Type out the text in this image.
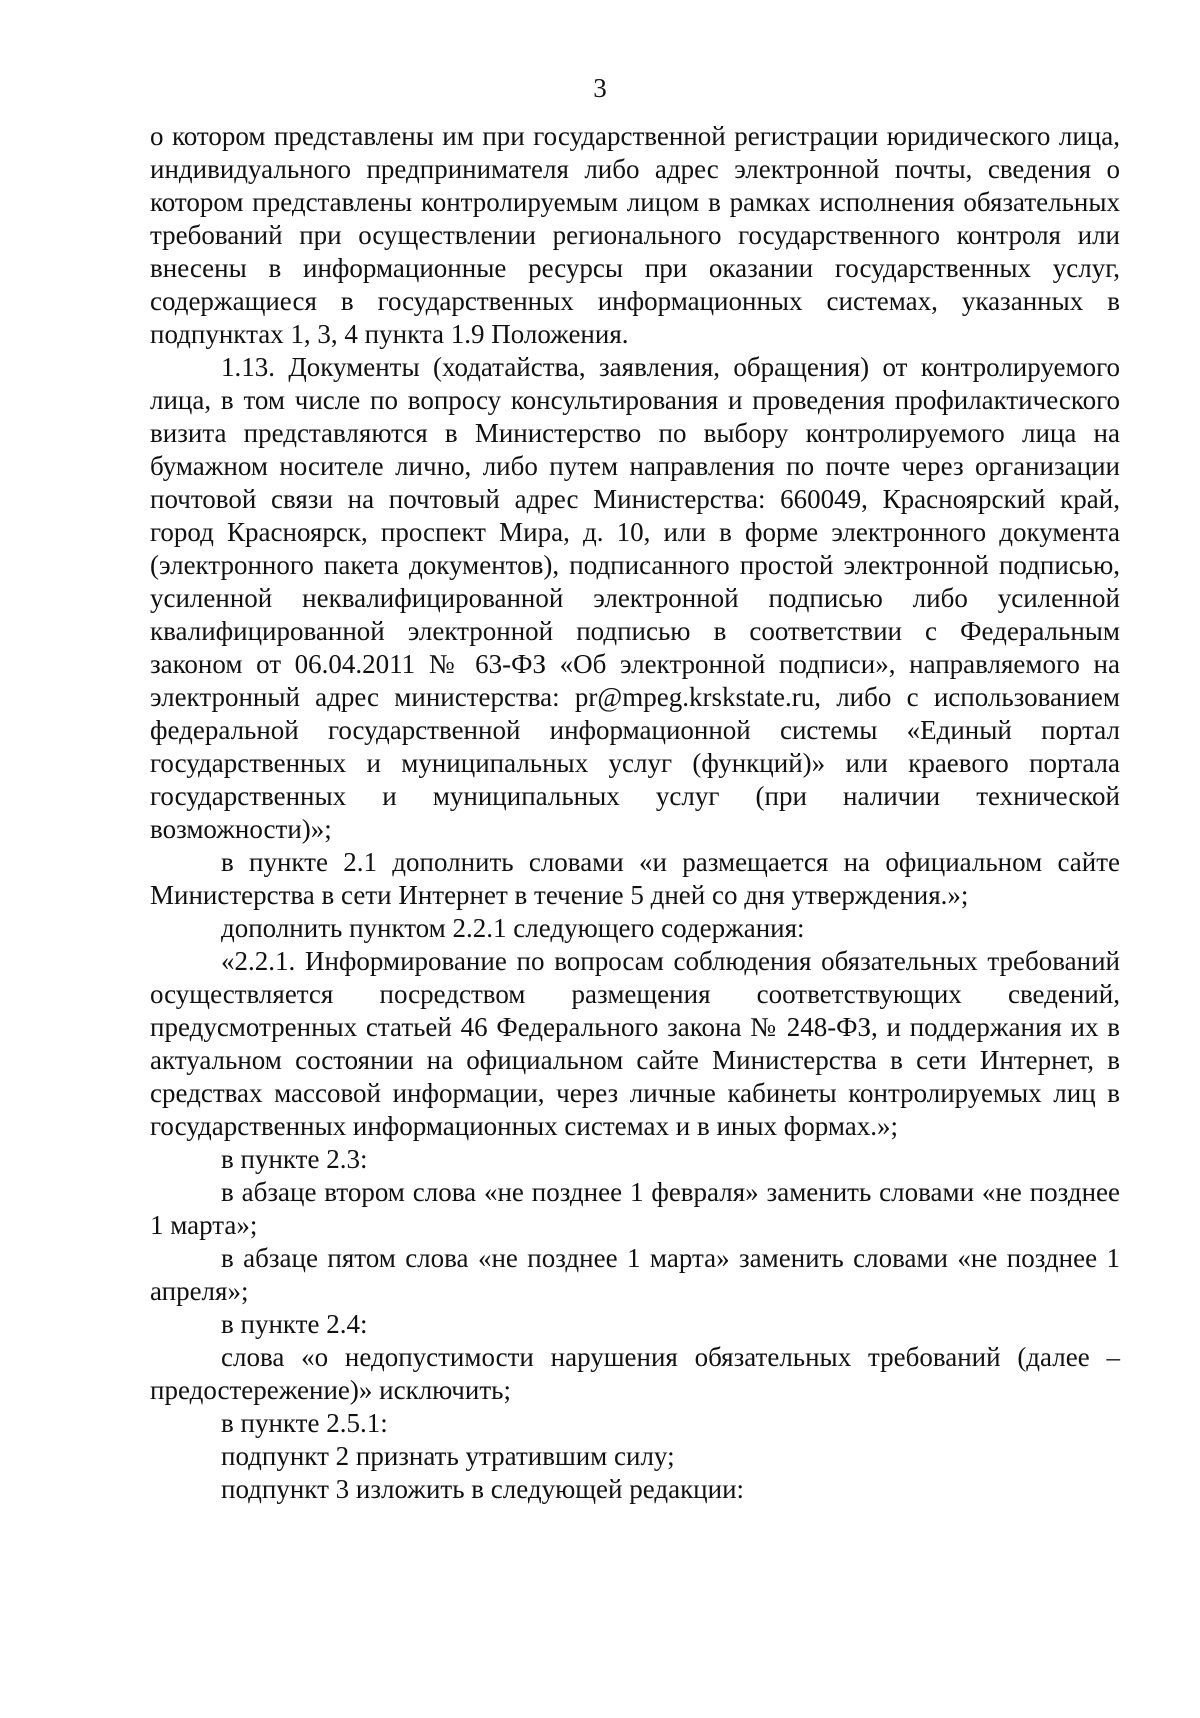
3

о котором представлены им при государственной регистрации юридического лица, индивидуального предпринимателя либо адрес электронной почты, сведения о котором представлены контролируемым лицом в рамках исполнения обязательных требований при осуществлении регионального государственного контроля или внесены в информационные ресурсы при оказании государственных услуг, содержащиеся в государственных информационных системах, указанных в подпунктах 1, 3, 4 пункта 1.9 Положения.

1.13. Документы (ходатайства, заявления, обращения) от контролируемого лица, в том числе по вопросу консультирования и проведения профилактического визита представляются в Министерство по выбору контролируемого лица на бумажном носителе лично, либо путем направления по почте через организации почтовой связи на почтовый адрес Министерства: 660049, Красноярский край, город Красноярск, проспект Мира, д. 10, или в форме электронного документа (электронного пакета документов), подписанного простой электронной подписью, усиленной неквалифицированной электронной подписью либо усиленной квалифицированной электронной подписью в соответствии с Федеральным законом от 06.04.2011 № 63-ФЗ «Об электронной подписи», направляемого на электронный адрес министерства: pr@mpeg.krskstate.ru, либо с использованием федеральной государственной информационной системы «Единый портал государственных и муниципальных услуг (функций)» или краевого портала государственных и муниципальных услуг (при наличии технической возможности)»;

в пункте 2.1 дополнить словами «и размещается на официальном сайте Министерства в сети Интернет в течение 5 дней со дня утверждения.»;

дополнить пунктом 2.2.1 следующего содержания:

«2.2.1. Информирование по вопросам соблюдения обязательных требований осуществляется посредством размещения соответствующих сведений, предусмотренных статьей 46 Федерального закона № 248-ФЗ, и поддержания их в актуальном состоянии на официальном сайте Министерства в сети Интернет, в средствах массовой информации, через личные кабинеты контролируемых лиц в государственных информационных системах и в иных формах.»;

в пункте 2.3:

в абзаце втором слова «не позднее 1 февраля» заменить словами «не позднее 1 марта»;

в абзаце пятом слова «не позднее 1 марта» заменить словами «не позднее 1 апреля»;

в пункте 2.4:

слова «о недопустимости нарушения обязательных требований (далее – предостережение)» исключить;

в пункте 2.5.1:

подпункт 2 признать утратившим силу;

подпункт 3 изложить в следующей редакции:
